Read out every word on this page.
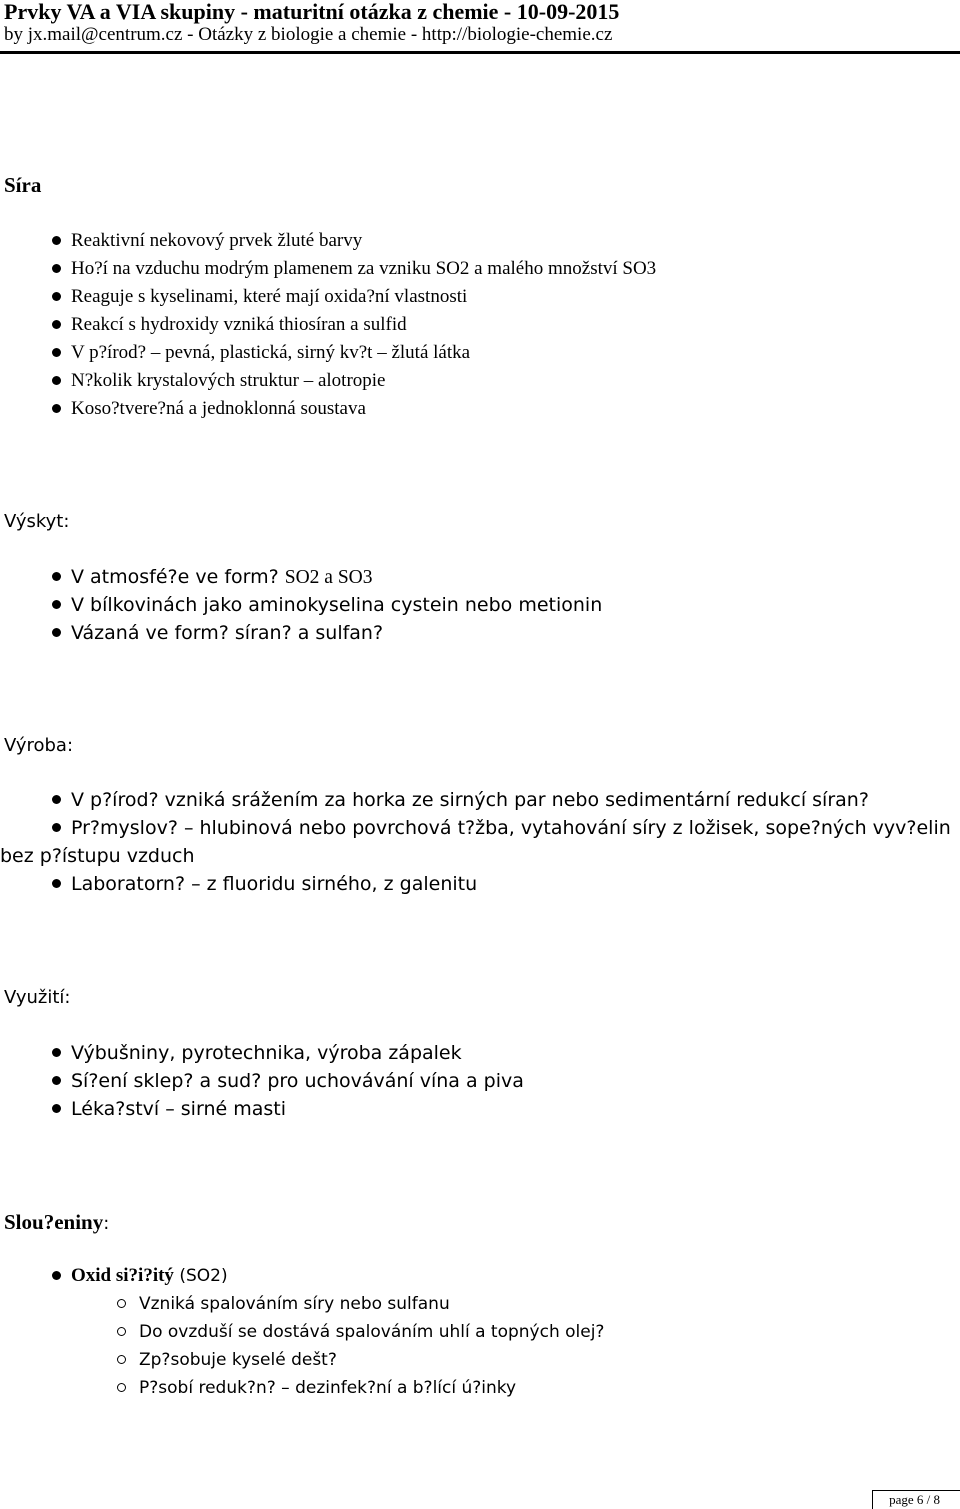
Prvky VA a VIA skupiny - maturitní otázka z chemie - 10-09-2015
by jx.mail@centrum.cz - Otázky z biologie a chemie - http://biologie-chemie.cz
Síra
Reaktivní nekovový prvek žluté barvy
Ho?í na vzduchu modrým plamenem za vzniku SO2 a malého množství SO3
Reaguje s kyselinami, které mají oxida?ní vlastnosti
Reakcí s hydroxidy vzniká thiosíran a sulfid
V p?írod? – pevná, plastická, sirný kv?t – žlutá látka
N?kolik krystalových struktur – alotropie
Koso?tvere?ná a jednoklonná soustava
Výskyt:
V atmosfé?e ve form? SO2 a SO3
V bílkovinách jako aminokyselina cystein nebo metionin
Vázaná ve form? síran? a sulfan?
Výroba:
V p?írod? vzniká srážením za horka ze sirných par nebo sedimentární redukcí síran?
Pr?myslov? – hlubinová nebo povrchová t?žba, vytahování síry z ložisek, sope?ných vyv?elin
bez p?ístupu vzduch
Laboratorn? – z fluoridu sirného, z galenitu
Využití:
Výbušniny, pyrotechnika, výroba zápalek
Sí?ení sklep? a sud? pro uchovávání vína a piva
Léka?ství – sirné masti
Slou?eniny:
Oxid si?i?itý (SO2)
Vzniká spalováním síry nebo sulfanu
Do ovzduší se dostává spalováním uhlí a topných olej?
Zp?sobuje kyselé dešt?
P?sobí reduk?n? – dezinfek?ní a b?lící ú?inky
page 6 / 8
